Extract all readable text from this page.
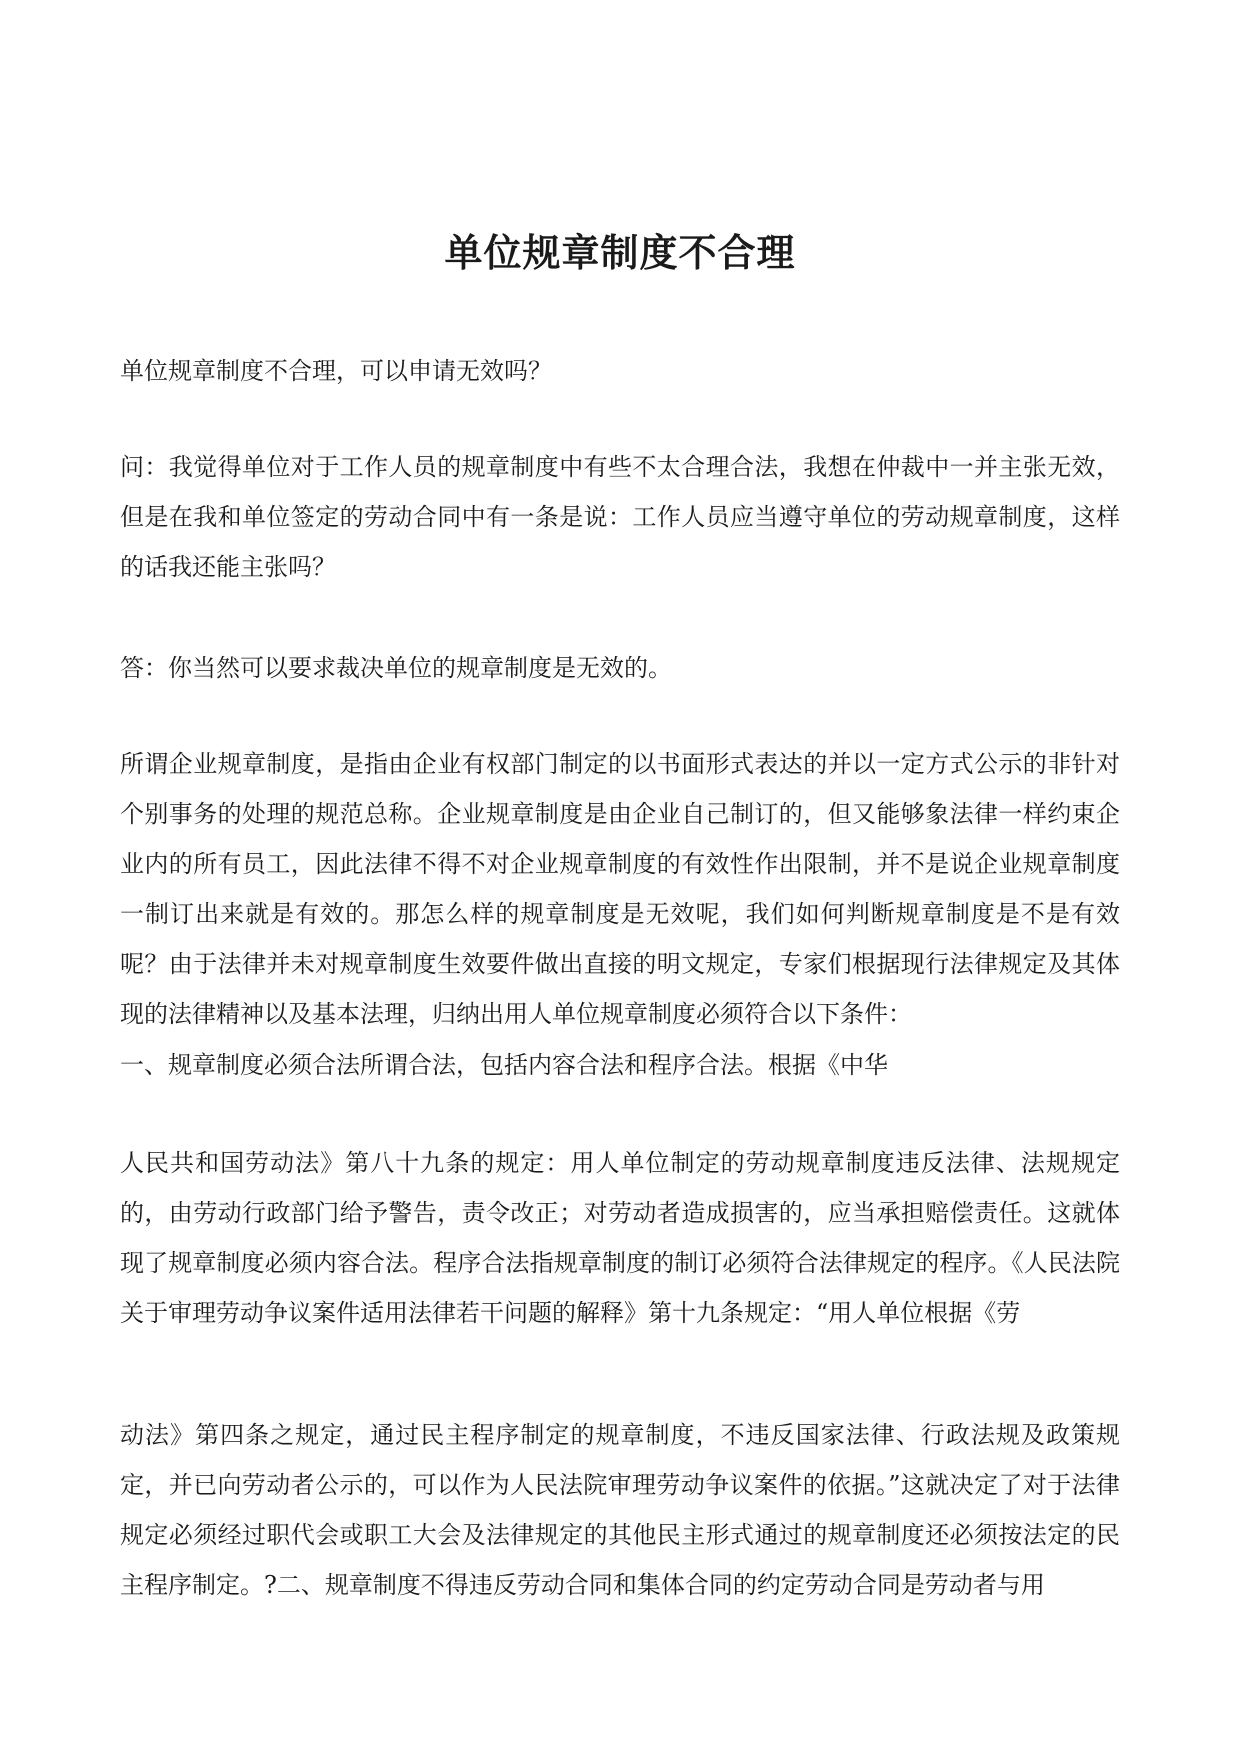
单位规章制度不合理

单位规章制度不合理，可以申请无效吗？

问：我觉得单位对于工作人员的规章制度中有些不太合理合法，我想在仲裁中一并主张无效，但是在我和单位签定的劳动合同中有一条是说：工作人员应当遵守单位的劳动规章制度，这样的话我还能主张吗？

答：你当然可以要求裁决单位的规章制度是无效的。

所谓企业规章制度，是指由企业有权部门制定的以书面形式表达的并以一定方式公示的非针对个别事务的处理的规范总称。企业规章制度是由企业自己制订的，但又能够象法律一样约束企业内的所有员工，因此法律不得不对企业规章制度的有效性作出限制，并不是说企业规章制度一制订出来就是有效的。那怎么样的规章制度是无效呢，我们如何判断规章制度是不是有效呢？由于法律并未对规章制度生效要件做出直接的明文规定，专家们根据现行法律规定及其体现的法律精神以及基本法理，归纳出用人单位规章制度必须符合以下条件：

一、规章制度必须合法所谓合法，包括内容合法和程序合法。根据《中华

人民共和国劳动法》第八十九条的规定：用人单位制定的劳动规章制度违反法律、法规规定的，由劳动行政部门给予警告，责令改正；对劳动者造成损害的，应当承担赔偿责任。这就体现了规章制度必须内容合法。程序合法指规章制度的制订必须符合法律规定的程序。《人民法院关于审理劳动争议案件适用法律若干问题的解释》第十九条规定：“用人单位根据《劳

动法》第四条之规定，通过民主程序制定的规章制度，不违反国家法律、行政法规及政策规定，并已向劳动者公示的，可以作为人民法院审理劳动争议案件的依据。”这就决定了对于法律规定必须经过职代会或职工大会及法律规定的其他民主形式通过的规章制度还必须按法定的民主程序制定。?二、规章制度不得违反劳动合同和集体合同的约定劳动合同是劳动者与用
